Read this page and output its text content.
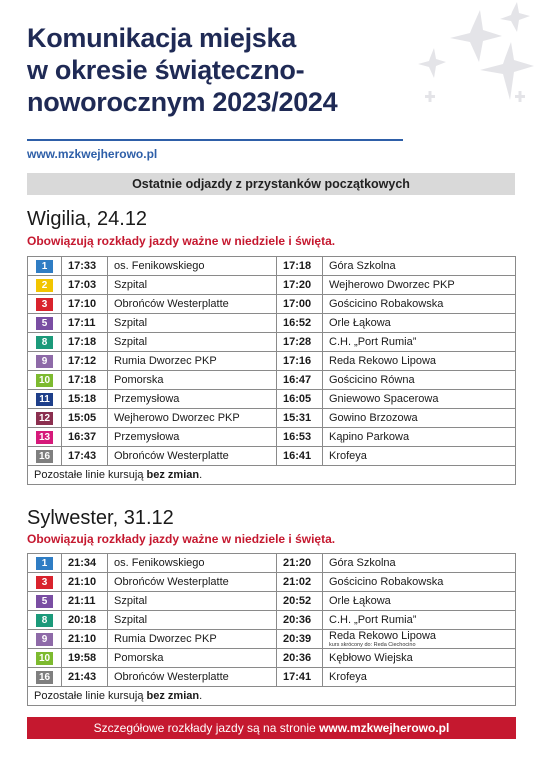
Komunikacja miejska
w okresie świąteczno-
noworocznym 2023/2024
www.mzkwejherowo.pl
Ostatnie odjazdy z przystanków początkowych
Wigilia, 24.12
Obowiązują rozkłady jazdy ważne w niedziele i święta.
1	17:33	os. Fenikowskiego	17:18	Góra Szkolna
2	17:03	Szpital	17:20	Wejherowo Dworzec PKP
3	17:10	Obrońców Westerplatte	17:00	Gościcino Robakowska
5	17:11	Szpital	16:52	Orle Łąkowa
8	17:18	Szpital	17:28	C.H. „Port Rumia”
9	17:12	Rumia Dworzec PKP	17:16	Reda Rekowo Lipowa
10	17:18	Pomorska	16:47	Gościcino Równa
11	15:18	Przemysłowa	16:05	Gniewowo Spacerowa
12	15:05	Wejherowo Dworzec PKP	15:31	Gowino Brzozowa
13	16:37	Przemysłowa	16:53	Kąpino Parkowa
16	17:43	Obrońców Westerplatte	16:41	Krofeya
Pozostałe linie kursują bez zmian.				
Sylwester, 31.12
Obowiązują rozkłady jazdy ważne w niedziele i święta.
1	21:34	os. Fenikowskiego	21:20	Góra Szkolna
3	21:10	Obrońców Westerplatte	21:02	Gościcino Robakowska
5	21:11	Szpital	20:52	Orle Łąkowa
8	20:18	Szpital	20:36	C.H. „Port Rumia”
9	21:10	Rumia Dworzec PKP	20:39	Reda Rekowo Lipowa
kurs skrócony do: Reda Ciechocino

10	19:58	Pomorska	20:36	Kębłowo Wiejska
16	21:43	Obrońców Westerplatte	17:41	Krofeya
Pozostałe linie kursują bez zmian.				
Szczegółowe rozkłady jazdy są na stronie www.mzkwejherowo.pl
